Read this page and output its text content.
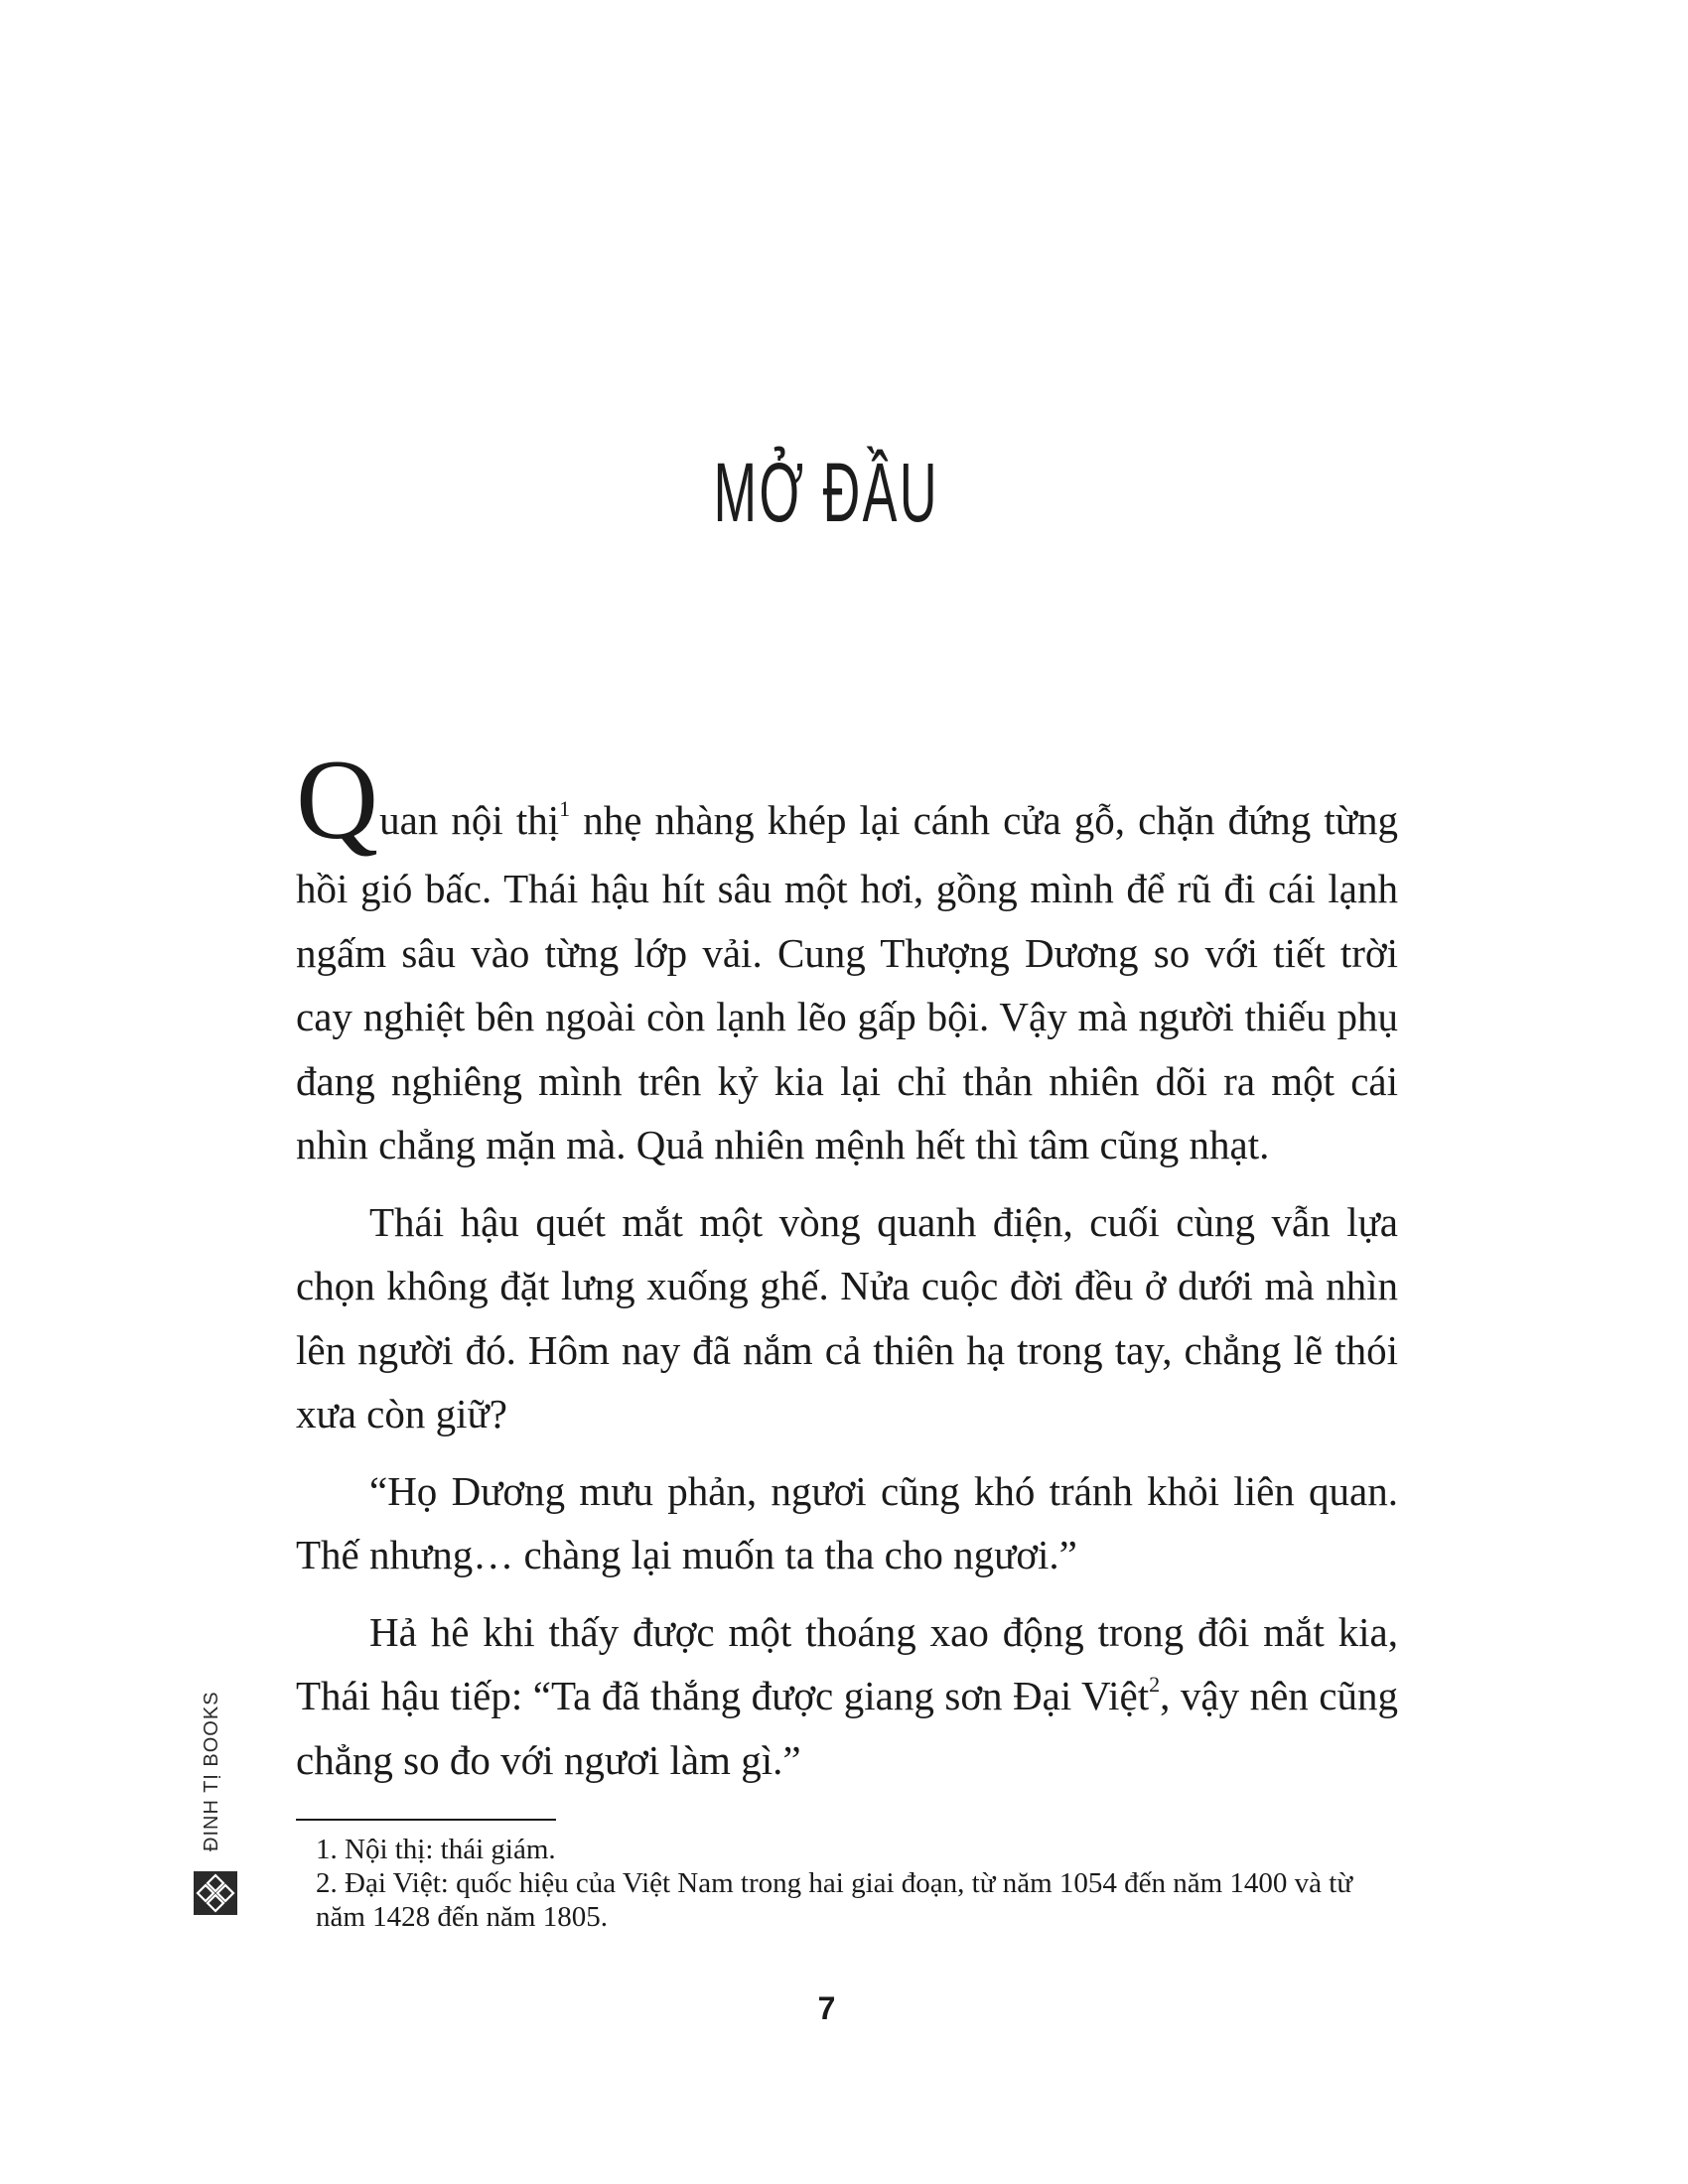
MỞ ĐẦU

Quan nội thị$^1$ nhẹ nhàng khép lại cánh cửa gỗ, chặn đứng từng hồi gió bấc. Thái hậu hít sâu một hơi, gồng mình để rũ đi cái lạnh ngấm sâu vào từng lớp vải. Cung Thượng Dương so với tiết trời cay nghiệt bên ngoài còn lạnh lẽo gấp bội. Vậy mà người thiếu phụ đang nghiêng mình trên kỷ kia lại chỉ thản nhiên dõi ra một cái nhìn chẳng mặn mà. Quả nhiên mệnh hết thì tâm cũng nhạt.

Thái hậu quét mắt một vòng quanh điện, cuối cùng vẫn lựa chọn không đặt lưng xuống ghế. Nửa cuộc đời đều ở dưới mà nhìn lên người đó. Hôm nay đã nắm cả thiên hạ trong tay, chẳng lẽ thói xưa còn giữ?

“Họ Dương mưu phản, ngươi cũng khó tránh khỏi liên quan. Thế nhưng… chàng lại muốn ta tha cho ngươi.”

Hả hê khi thấy được một thoáng xao động trong đôi mắt kia, Thái hậu tiếp: “Ta đã thắng được giang sơn Đại Việt$^2$, vậy nên cũng chẳng so đo với ngươi làm gì.”

1. Nội thị: thái giám.

2. Đại Việt: quốc hiệu của Việt Nam trong hai giai đoạn, từ năm 1054 đến năm 1400 và từ năm 1428 đến năm 1805.

ĐINH TỊ BOOKS
7
